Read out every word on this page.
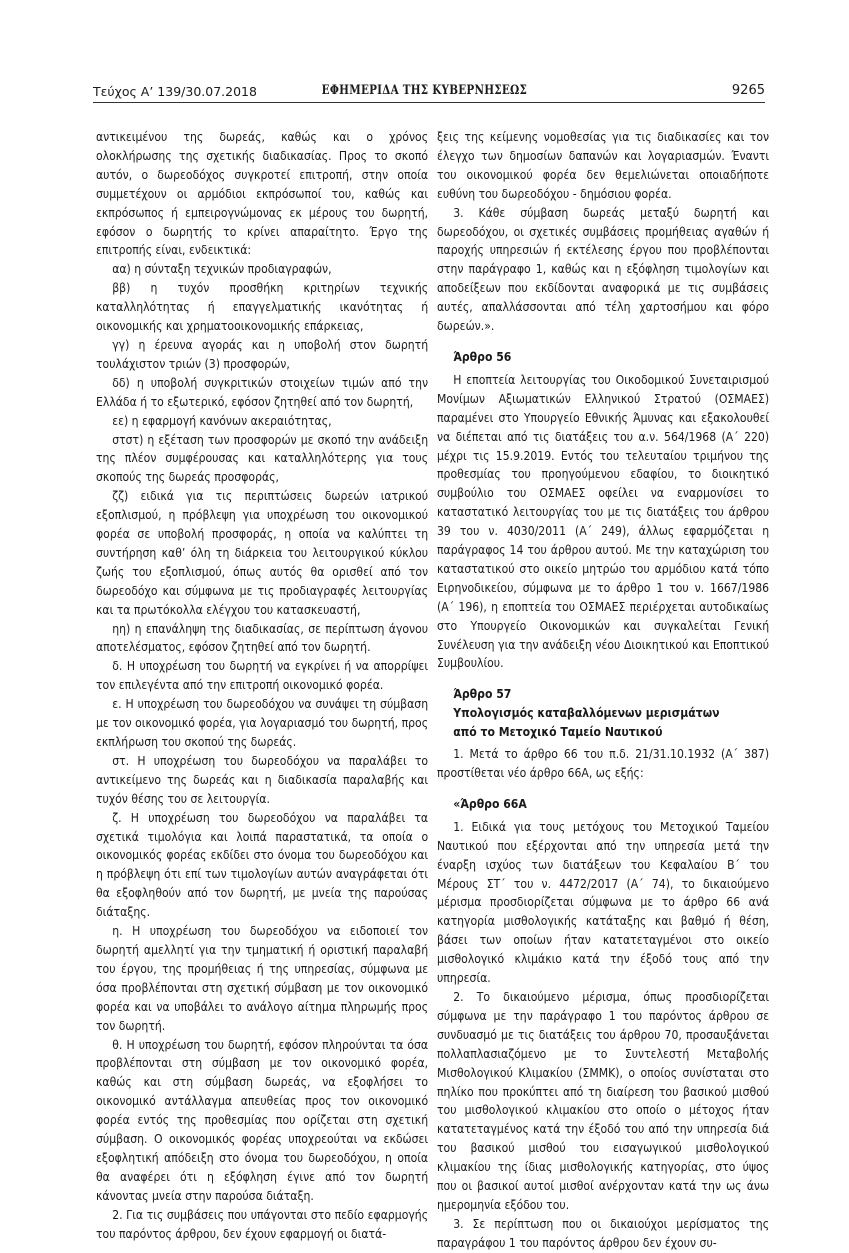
Τεύχος Α’ 139/30.07.2018	ΕΦΗΜΕΡΙΔΑ ΤΗΣ ΚΥΒΕΡΝΗΣΕΩΣ	9265

αντικειμένου της δωρεάς, καθώς και ο χρόνος ολοκλήρωσης της σχετικής διαδικασίας. Προς το σκοπό αυτόν, ο δωρεοδόχος συγκροτεί επιτροπή, στην οποία συμμετέχουν οι αρμόδιοι εκπρόσωποί του, καθώς και εκπρόσωπος ή εμπειρογνώμονας εκ μέρους του δωρητή, εφόσον ο δωρητής το κρίνει απαραίτητο. Έργο της επιτροπής είναι, ενδεικτικά:

αα) η σύνταξη τεχνικών προδιαγραφών,

ββ) η τυχόν προσθήκη κριτηρίων τεχνικής καταλληλότητας ή επαγγελματικής ικανότητας ή οικονομικής και χρηματοοικονομικής επάρκειας,

γγ) η έρευνα αγοράς και η υποβολή στον δωρητή τουλάχιστον τριών (3) προσφορών,

δδ) η υποβολή συγκριτικών στοιχείων τιμών από την Ελλάδα ή το εξωτερικό, εφόσον ζητηθεί από τον δωρητή,

εε) η εφαρμογή κανόνων ακεραιότητας,

στστ) η εξέταση των προσφορών με σκοπό την ανάδειξη της πλέον συμφέρουσας και καταλληλότερης για τους σκοπούς της δωρεάς προσφοράς,

ζζ) ειδικά για τις περιπτώσεις δωρεών ιατρικού εξοπλισμού, η πρόβλεψη για υποχρέωση του οικονομικού φορέα σε υποβολή προσφοράς, η οποία να καλύπτει τη συντήρηση καθ’ όλη τη διάρκεια του λειτουργικού κύκλου ζωής του εξοπλισμού, όπως αυτός θα ορισθεί από τον δωρεοδόχο και σύμφωνα με τις προδιαγραφές λειτουργίας και τα πρωτόκολλα ελέγχου του κατασκευαστή,

ηη) η επανάληψη της διαδικασίας, σε περίπτωση άγονου αποτελέσματος, εφόσον ζητηθεί από τον δωρητή.

δ. Η υποχρέωση του δωρητή να εγκρίνει ή να απορρίψει τον επιλεγέντα από την επιτροπή οικονομικό φορέα.

ε. Η υποχρέωση του δωρεοδόχου να συνάψει τη σύμβαση με τον οικονομικό φορέα, για λογαριασμό του δωρητή, προς εκπλήρωση του σκοπού της δωρεάς.

στ. Η υποχρέωση του δωρεοδόχου να παραλάβει το αντικείμενο της δωρεάς και η διαδικασία παραλαβής και τυχόν θέσης του σε λειτουργία.

ζ. Η υποχρέωση του δωρεοδόχου να παραλάβει τα σχετικά τιμολόγια και λοιπά παραστατικά, τα οποία ο οικονομικός φορέας εκδίδει στο όνομα του δωρεοδόχου και η πρόβλεψη ότι επί των τιμολογίων αυτών αναγράφεται ότι θα εξοφληθούν από τον δωρητή, με μνεία της παρούσας διάταξης.

η. Η υποχρέωση του δωρεοδόχου να ειδοποιεί τον δωρητή αμελλητί για την τμηματική ή οριστική παραλαβή του έργου, της προμήθειας ή της υπηρεσίας, σύμφωνα με όσα προβλέπονται στη σχετική σύμβαση με τον οικονομικό φορέα και να υποβάλει το ανάλογο αίτημα πληρωμής προς τον δωρητή.

θ. Η υποχρέωση του δωρητή, εφόσον πληρούνται τα όσα προβλέπονται στη σύμβαση με τον οικονομικό φορέα, καθώς και στη σύμβαση δωρεάς, να εξοφλήσει το οικονομικό αντάλλαγμα απευθείας προς τον οικονομικό φορέα εντός της προθεσμίας που ορίζεται στη σχετική σύμβαση. Ο οικονομικός φορέας υποχρεούται να εκδώσει εξοφλητική απόδειξη στο όνομα του δωρεοδόχου, η οποία θα αναφέρει ότι η εξόφληση έγινε από τον δωρητή κάνοντας μνεία στην παρούσα διάταξη.

2. Για τις συμβάσεις που υπάγονται στο πεδίο εφαρμογής του παρόντος άρθρου, δεν έχουν εφαρμογή οι διατά-

ξεις της κείμενης νομοθεσίας για τις διαδικασίες και τον έλεγχο των δημοσίων δαπανών και λογαριασμών. Έναντι του οικονομικού φορέα δεν θεμελιώνεται οποιαδήποτε ευθύνη του δωρεοδόχου - δημόσιου φορέα.

3. Κάθε σύμβαση δωρεάς μεταξύ δωρητή και δωρεοδόχου, οι σχετικές συμβάσεις προμήθειας αγαθών ή παροχής υπηρεσιών ή εκτέλεσης έργου που προβλέπονται στην παράγραφο 1, καθώς και η εξόφληση τιμολογίων και αποδείξεων που εκδίδονται αναφορικά με τις συμβάσεις αυτές, απαλλάσσονται από τέλη χαρτοσήμου και φόρο δωρεών.».

Άρθρο 56

Η εποπτεία λειτουργίας του Οικοδομικού Συνεταιρισμού Μονίμων Αξιωματικών Ελληνικού Στρατού (ΟΣΜΑΕΣ) παραμένει στο Υπουργείο Εθνικής Άμυνας και εξακολουθεί να διέπεται από τις διατάξεις του α.ν. 564/1968 (Α΄ 220) μέχρι τις 15.9.2019. Εντός του τελευταίου τριμήνου της προθεσμίας του προηγούμενου εδαφίου, το διοικητικό συμβούλιο του ΟΣΜΑΕΣ οφείλει να εναρμονίσει το καταστατικό λειτουργίας του με τις διατάξεις του άρθρου 39 του ν. 4030/2011 (Α΄ 249), άλλως εφαρμόζεται η παράγραφος 14 του άρθρου αυτού. Με την καταχώριση του καταστατικού στο οικείο μητρώο του αρμόδιου κατά τόπο Ειρηνοδικείου, σύμφωνα με το άρθρο 1 του ν. 1667/1986 (Α΄ 196), η εποπτεία του ΟΣΜΑΕΣ περιέρχεται αυτοδικαίως στο Υπουργείο Οικονομικών και συγκαλείται Γενική Συνέλευση για την ανάδειξη νέου Διοικητικού και Εποπτικού Συμβουλίου.

Άρθρο 57

Υπολογισμός καταβαλλόμενων μερισμάτων

από το Μετοχικό Ταμείο Ναυτικού

1. Μετά το άρθρο 66 του π.δ. 21/31.10.1932 (Α΄ 387) προστίθεται νέο άρθρο 66Α, ως εξής:

«Άρθρο 66Α

1. Ειδικά για τους μετόχους του Μετοχικού Ταμείου Ναυτικού που εξέρχονται από την υπηρεσία μετά την έναρξη ισχύος των διατάξεων του Κεφαλαίου Β΄ του Μέρους ΣΤ΄ του ν. 4472/2017 (Α΄ 74), το δικαιούμενο μέρισμα προσδιορίζεται σύμφωνα με το άρθρο 66 ανά κατηγορία μισθολογικής κατάταξης και βαθμό ή θέση, βάσει των οποίων ήταν κατατεταγμένοι στο οικείο μισθολογικό κλιμάκιο κατά την έξοδό τους από την υπηρεσία.

2. Το δικαιούμενο μέρισμα, όπως προσδιορίζεται σύμφωνα με την παράγραφο 1 του παρόντος άρθρου σε συνδυασμό με τις διατάξεις του άρθρου 70, προσαυξάνεται πολλαπλασιαζόμενο με το Συντελεστή Μεταβολής Μισθολογικού Κλιμακίου (ΣΜΜΚ), ο οποίος συνίσταται στο πηλίκο που προκύπτει από τη διαίρεση του βασικού μισθού του μισθολογικού κλιμακίου στο οποίο ο μέτοχος ήταν κατατεταγμένος κατά την έξοδό του από την υπηρεσία διά του βασικού μισθού του εισαγωγικού μισθολογικού κλιμακίου της ίδιας μισθολογικής κατηγορίας, στο ύψος που οι βασικοί αυτοί μισθοί ανέρχονταν κατά την ως άνω ημερομηνία εξόδου του.

3. Σε περίπτωση που οι δικαιούχοι μερίσματος της παραγράφου 1 του παρόντος άρθρου δεν έχουν συ-
